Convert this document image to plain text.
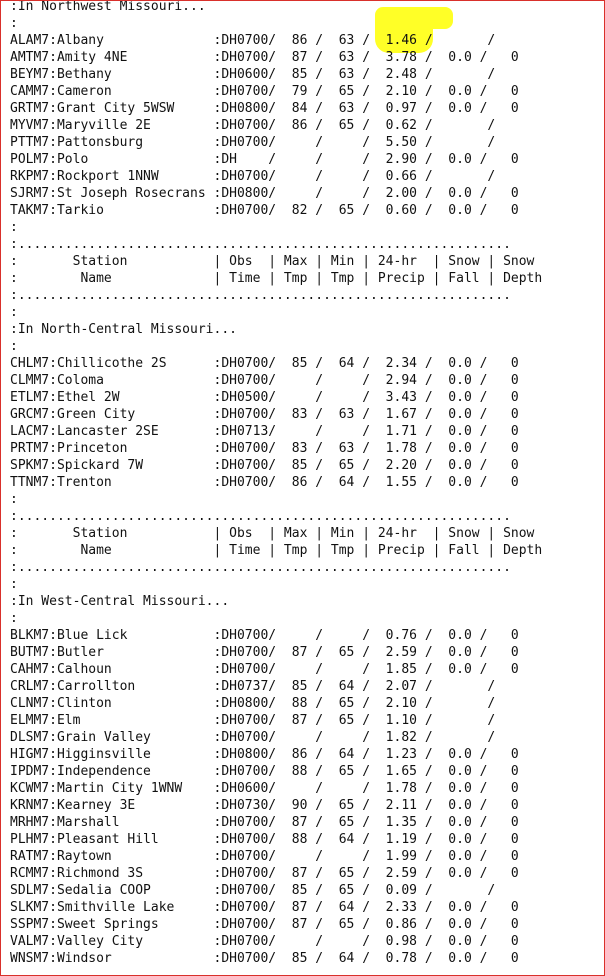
:In Northwest Missouri...
:
ALAM7:Albany              :DH0700/  86 /  63 /  1.46 /       /
AMTM7:Amity 4NE           :DH0700/  87 /  63 /  3.78 /  0.0 /   0
BEYM7:Bethany             :DH0600/  85 /  63 /  2.48 /       /
CAMM7:Cameron             :DH0700/  79 /  65 /  2.10 /  0.0 /   0
GRTM7:Grant City 5WSW     :DH0800/  84 /  63 /  0.97 /  0.0 /   0
MYVM7:Maryville 2E        :DH0700/  86 /  65 /  0.62 /       /
PTTM7:Pattonsburg         :DH0700/     /     /  5.50 /       /
POLM7:Polo                :DH    /     /     /  2.90 /  0.0 /   0
RKPM7:Rockport 1NNW       :DH0700/     /     /  0.66 /       /
SJRM7:St Joseph Rosecrans :DH0800/     /     /  2.00 /  0.0 /   0
TAKM7:Tarkio              :DH0700/  82 /  65 /  0.60 /  0.0 /   0
:
:...............................................................
:       Station           | Obs  | Max | Min | 24-hr  | Snow | Snow
:        Name             | Time | Tmp | Tmp | Precip | Fall | Depth
:...............................................................
:
:In North-Central Missouri...
:
CHLM7:Chillicothe 2S      :DH0700/  85 /  64 /  2.34 /  0.0 /   0
CLMM7:Coloma              :DH0700/     /     /  2.94 /  0.0 /   0
ETLM7:Ethel 2W            :DH0500/     /     /  3.43 /  0.0 /   0
GRCM7:Green City          :DH0700/  83 /  63 /  1.67 /  0.0 /   0
LACM7:Lancaster 2SE       :DH0713/     /     /  1.71 /  0.0 /   0
PRTM7:Princeton           :DH0700/  83 /  63 /  1.78 /  0.0 /   0
SPKM7:Spickard 7W         :DH0700/  85 /  65 /  2.20 /  0.0 /   0
TTNM7:Trenton             :DH0700/  86 /  64 /  1.55 /  0.0 /   0
:
:...............................................................
:       Station           | Obs  | Max | Min | 24-hr  | Snow | Snow
:        Name             | Time | Tmp | Tmp | Precip | Fall | Depth
:...............................................................
:
:In West-Central Missouri...
:
BLKM7:Blue Lick           :DH0700/     /     /  0.76 /  0.0 /   0
BUTM7:Butler              :DH0700/  87 /  65 /  2.59 /  0.0 /   0
CAHM7:Calhoun             :DH0700/     /     /  1.85 /  0.0 /   0
CRLM7:Carrollton          :DH0737/  85 /  64 /  2.07 /       /
CLNM7:Clinton             :DH0800/  88 /  65 /  2.10 /       /
ELMM7:Elm                 :DH0700/  87 /  65 /  1.10 /       /
DLSM7:Grain Valley        :DH0700/     /     /  1.82 /       /
HIGM7:Higginsville        :DH0800/  86 /  64 /  1.23 /  0.0 /   0
IPDM7:Independence        :DH0700/  88 /  65 /  1.65 /  0.0 /   0
KCWM7:Martin City 1WNW    :DH0600/     /     /  1.78 /  0.0 /   0
KRNM7:Kearney 3E          :DH0730/  90 /  65 /  2.11 /  0.0 /   0
MRHM7:Marshall            :DH0700/  87 /  65 /  1.35 /  0.0 /   0
PLHM7:Pleasant Hill       :DH0700/  88 /  64 /  1.19 /  0.0 /   0
RATM7:Raytown             :DH0700/     /     /  1.99 /  0.0 /   0
RCMM7:Richmond 3S         :DH0700/  87 /  65 /  2.59 /  0.0 /   0
SDLM7:Sedalia COOP        :DH0700/  85 /  65 /  0.09 /       /
SLKM7:Smithville Lake     :DH0700/  87 /  64 /  2.33 /  0.0 /   0
SSPM7:Sweet Springs       :DH0700/  87 /  65 /  0.86 /  0.0 /   0
VALM7:Valley City         :DH0700/     /     /  0.98 /  0.0 /   0
WNSM7:Windsor             :DH0700/  85 /  64 /  0.78 /  0.0 /   0
